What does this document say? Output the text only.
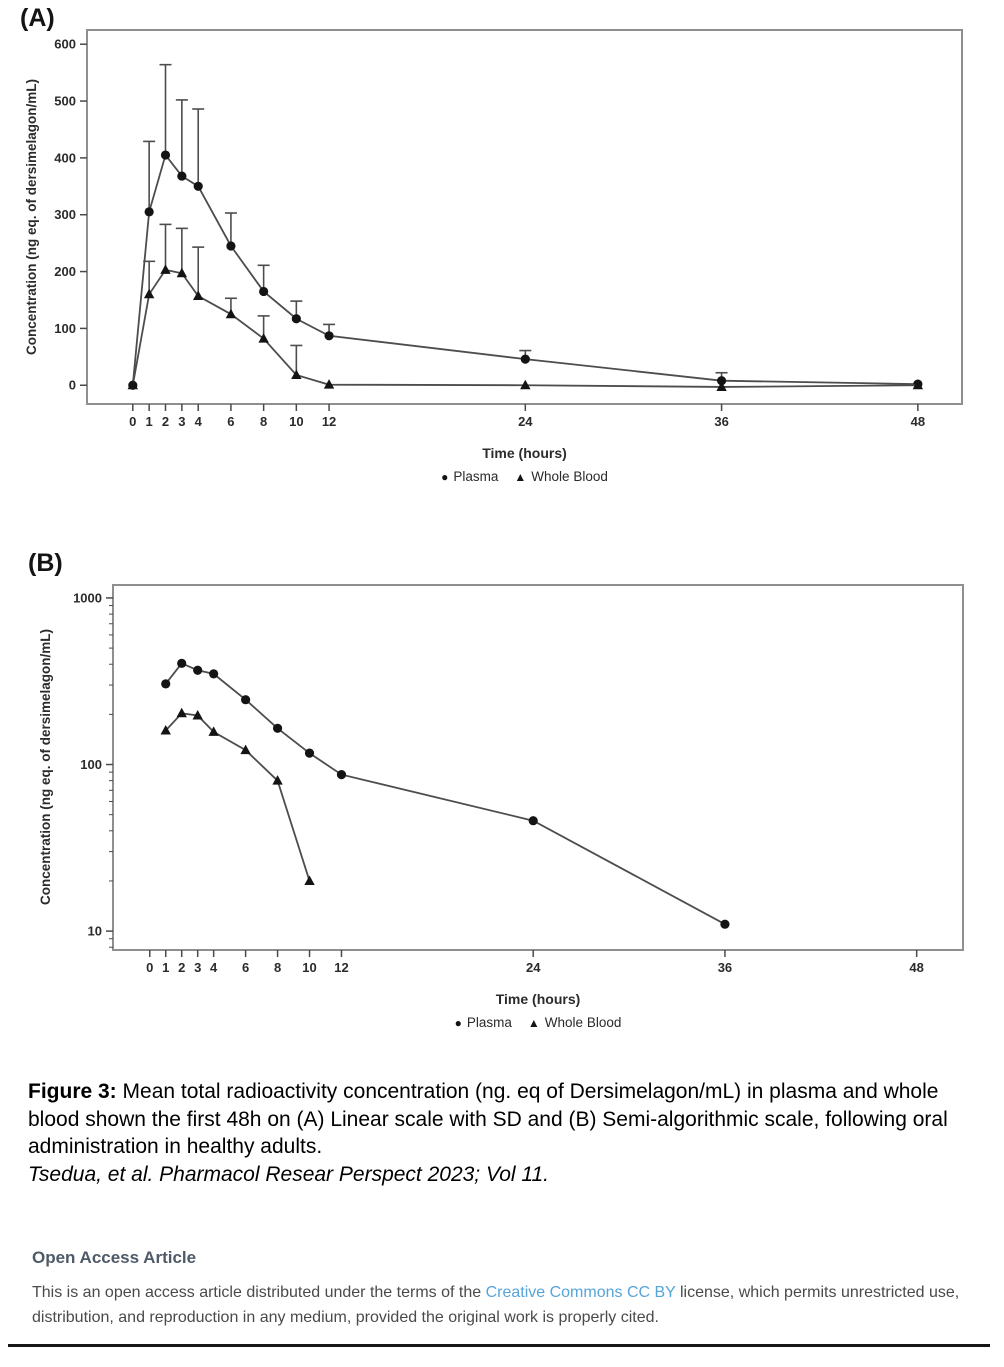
(A)
0
100
200
300
400
500
600
0 1 2 3 4 6 8 10 12	24	36	48
Concentration (ng eq. of dersimelagon/mL)
Time (hours)
● Plasma ▲ Whole Blood
(B)
10
100
1000
0 1 2 3 4 6 8 10 12	24	36	48
Concentration (ng eq. of dersimelagon/mL)
Time (hours)
● Plasma ▲ Whole Blood

Figure 3: Mean total radioactivity concentration (ng. eq of Dersimelagon/mL) in plasma and whole blood shown the first 48h on (A) Linear scale with SD and (B) Semi-algorithmic scale, following oral administration in healthy adults.

Tsedua, et al. Pharmacol Resear Perspect 2023; Vol 11.

Open Access Article

This is an open access article distributed under the terms of the Creative Commons CC BY license, which permits unrestricted use, distribution, and reproduction in any medium, provided the original work is properly cited.
